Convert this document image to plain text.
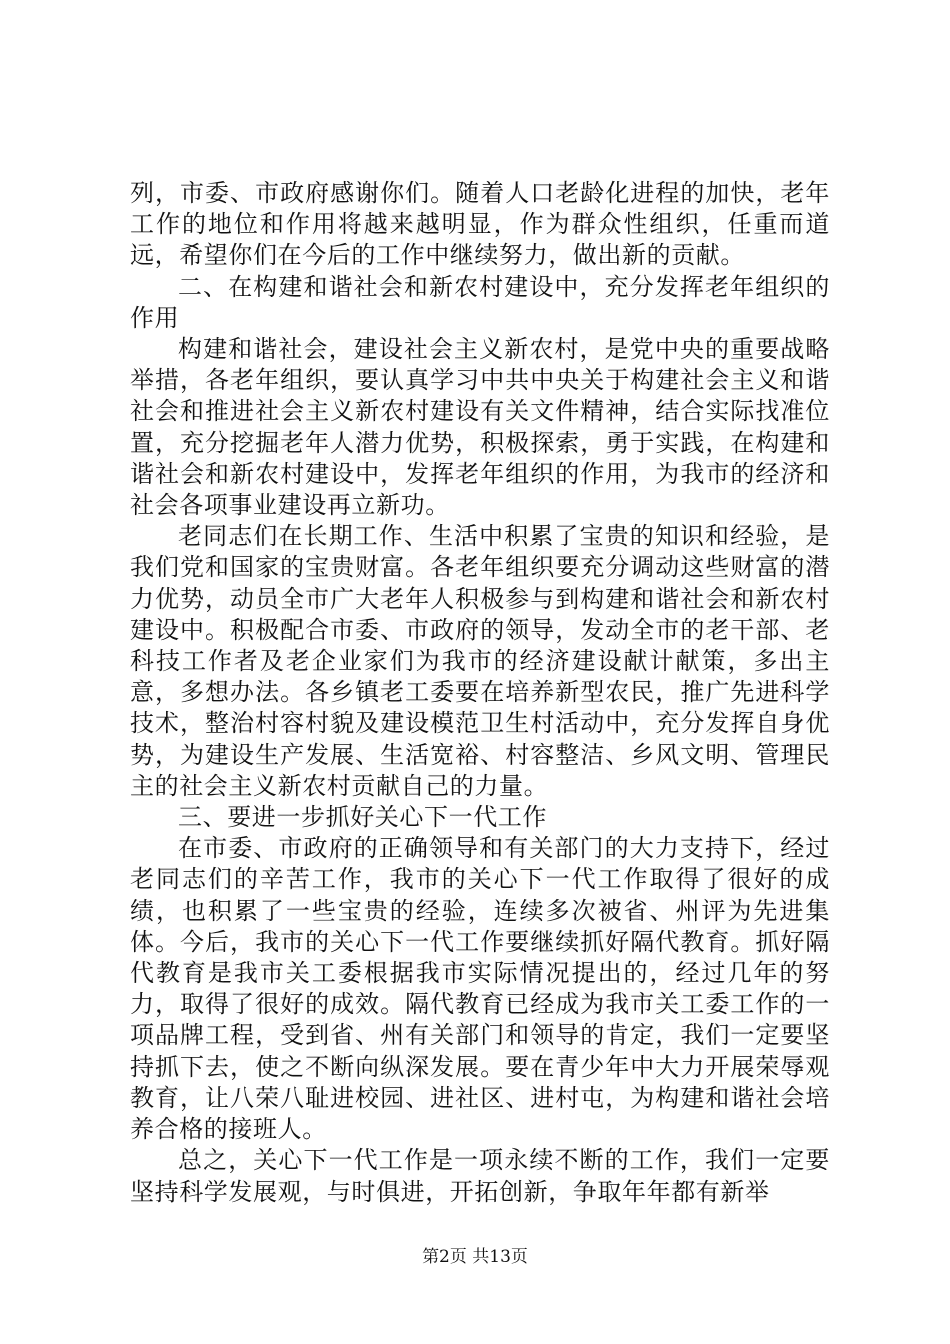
列，市委、市政府感谢你们。随着人口老龄化进程的加快，老年工作的地位和作用将越来越明显，作为群众性组织，任重而道远，希望你们在今后的工作中继续努力，做出新的贡献。

二、在构建和谐社会和新农村建设中，充分发挥老年组织的作用

构建和谐社会，建设社会主义新农村，是党中央的重要战略举措，各老年组织，要认真学习中共中央关于构建社会主义和谐社会和推进社会主义新农村建设有关文件精神，结合实际找准位置，充分挖掘老年人潜力优势，积极探索，勇于实践，在构建和谐社会和新农村建设中，发挥老年组织的作用，为我市的经济和社会各项事业建设再立新功。

老同志们在长期工作、生活中积累了宝贵的知识和经验，是我们党和国家的宝贵财富。各老年组织要充分调动这些财富的潜力优势，动员全市广大老年人积极参与到构建和谐社会和新农村建设中。积极配合市委、市政府的领导，发动全市的老干部、老科技工作者及老企业家们为我市的经济建设献计献策，多出主意，多想办法。各乡镇老工委要在培养新型农民，推广先进科学技术，整治村容村貌及建设模范卫生村活动中，充分发挥自身优势，为建设生产发展、生活宽裕、村容整洁、乡风文明、管理民主的社会主义新农村贡献自己的力量。

三、要进一步抓好关心下一代工作

在市委、市政府的正确领导和有关部门的大力支持下，经过老同志们的辛苦工作，我市的关心下一代工作取得了很好的成绩，也积累了一些宝贵的经验，连续多次被省、州评为先进集体。今后，我市的关心下一代工作要继续抓好隔代教育。抓好隔代教育是我市关工委根据我市实际情况提出的，经过几年的努力，取得了很好的成效。隔代教育已经成为我市关工委工作的一项品牌工程，受到省、州有关部门和领导的肯定，我们一定要坚持抓下去，使之不断向纵深发展。要在青少年中大力开展荣辱观教育，让八荣八耻进校园、进社区、进村屯，为构建和谐社会培养合格的接班人。

总之，关心下一代工作是一项永续不断的工作，我们一定要坚持科学发展观，与时俱进，开拓创新，争取年年都有新举

第2页 共13页
